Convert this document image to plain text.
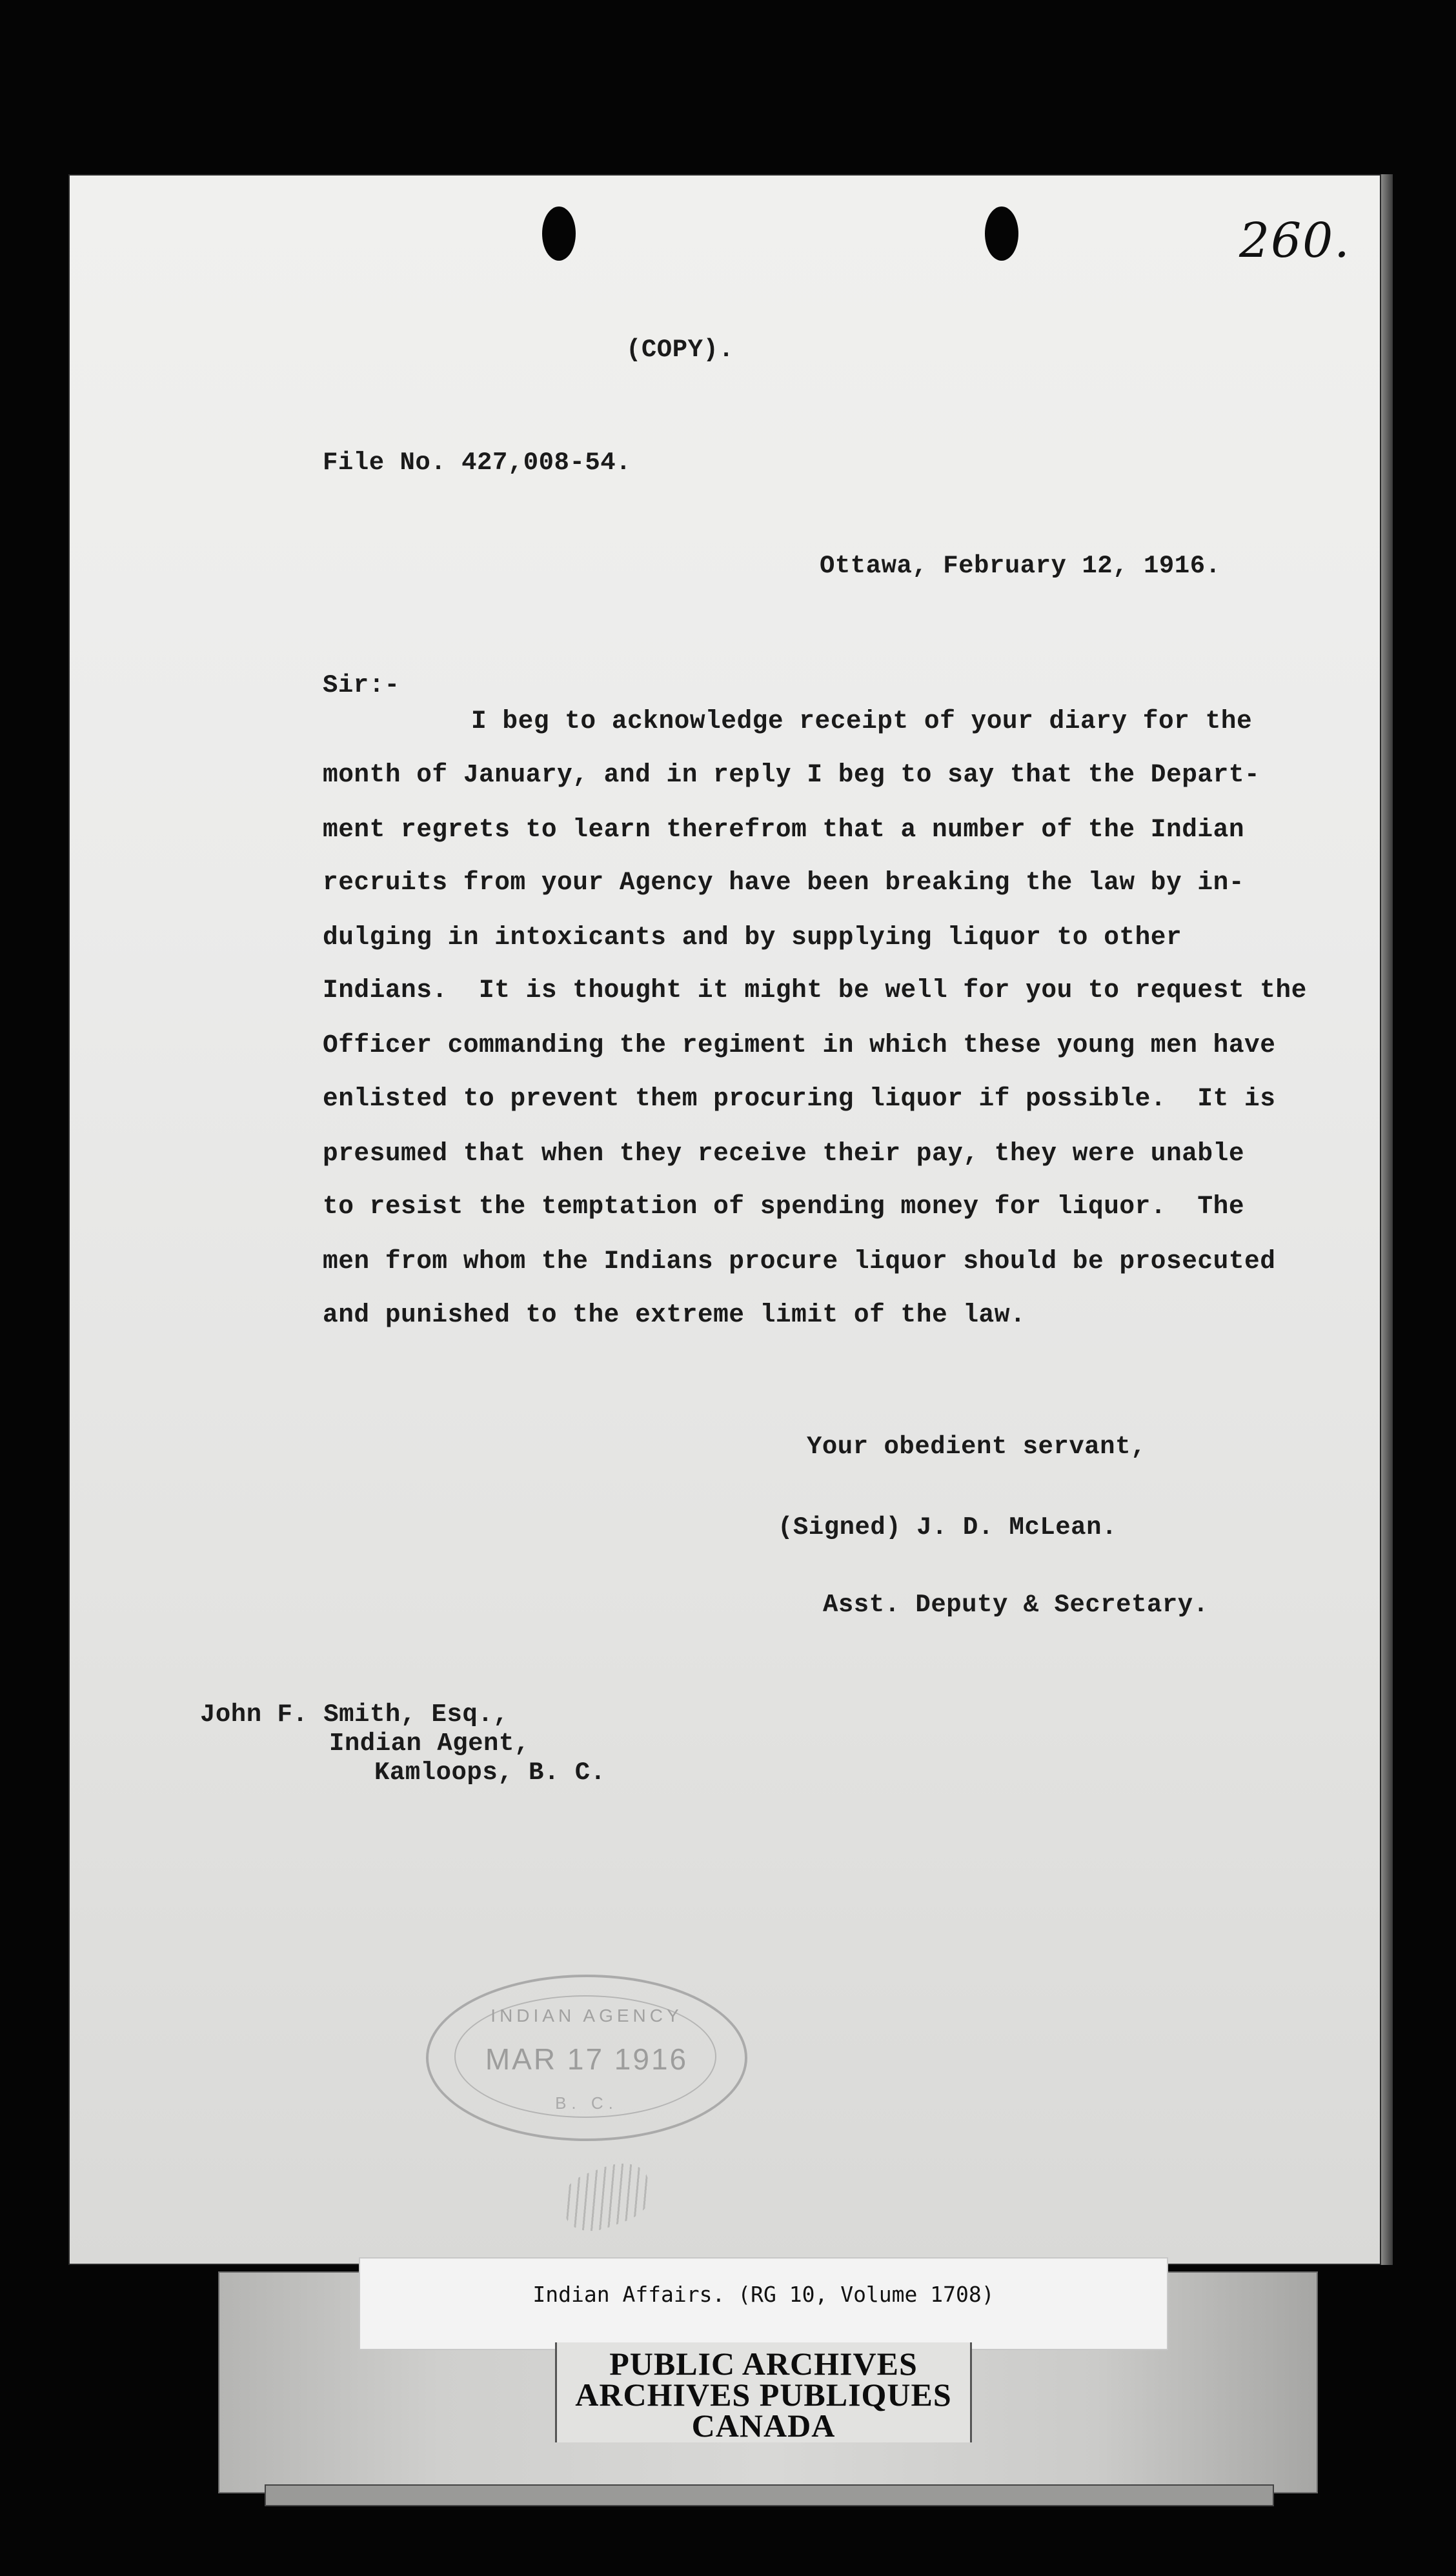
260.
(COPY).
File No. 427,008-54.
Ottawa, February 12, 1916.
Sir:-
I beg to acknowledge receipt of your diary for the
month of January, and in reply I beg to say that the Depart-
ment regrets to learn therefrom that a number of the Indian
recruits from your Agency have been breaking the law by in-
dulging in intoxicants and by supplying liquor to other
Indians.  It is thought it might be well for you to request the
Officer commanding the regiment in which these young men have
enlisted to prevent them procuring liquor if possible.  It is
presumed that when they receive their pay, they were unable
to resist the temptation of spending money for liquor.  The
men from whom the Indians procure liquor should be prosecuted
and punished to the extreme limit of the law.
Your obedient servant,
(Signed) J. D. McLean.
Asst. Deputy & Secretary.
John F. Smith, Esq.,
Indian Agent,
Kamloops, B. C.
INDIAN AGENCY
MAR 17 1916
B. C.
Indian Affairs. (RG 10, Volume 1708)
PUBLIC ARCHIVES
ARCHIVES PUBLIQUES
CANADA
